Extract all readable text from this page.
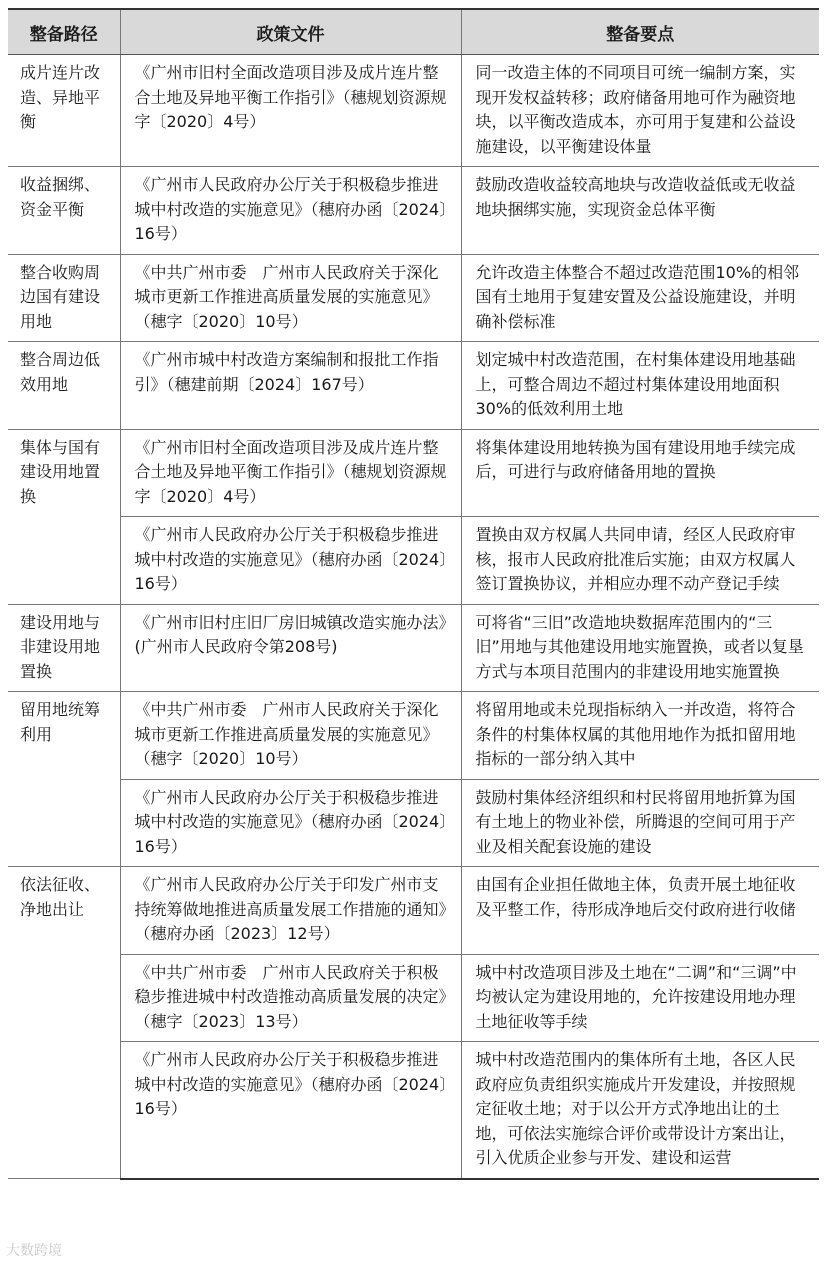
整备路径	政策文件	整备要点
成片连片改造、异地平衡	《广州市旧村全面改造项目涉及成片连片整合土地及异地平衡工作指引》（穗规划资源规字〔2020〕4号）	同一改造主体的不同项目可统一编制方案，实现开发权益转移；政府储备用地可作为融资地块，以平衡改造成本，亦可用于复建和公益设施建设，以平衡建设体量
收益捆绑、资金平衡	《广州市人民政府办公厅关于积极稳步推进城中村改造的实施意见》（穗府办函〔2024〕16号）	鼓励改造收益较高地块与改造收益低或无收益地块捆绑实施，实现资金总体平衡
整合收购周边国有建设用地	《中共广州市委　广州市人民政府关于深化城市更新工作推进高质量发展的实施意见》（穗字〔2020〕10号）	允许改造主体整合不超过改造范围10%的相邻国有土地用于复建安置及公益设施建设，并明确补偿标准
整合周边低效用地	《广州市城中村改造方案编制和报批工作指引》（穗建前期〔2024〕167号）	划定城中村改造范围，在村集体建设用地基础上，可整合周边不超过村集体建设用地面积30%的低效利用土地
集体与国有建设用地置换	《广州市旧村全面改造项目涉及成片连片整合土地及异地平衡工作指引》（穗规划资源规字〔2020〕4号）	将集体建设用地转换为国有建设用地手续完成后，可进行与政府储备用地的置换
	《广州市人民政府办公厅关于积极稳步推进城中村改造的实施意见》（穗府办函〔2024〕16号）	置换由双方权属人共同申请，经区人民政府审核，报市人民政府批准后实施；由双方权属人签订置换协议，并相应办理不动产登记手续
建设用地与非建设用地置换	《广州市旧村庄旧厂房旧城镇改造实施办法》(广州市人民政府令第208号)	可将省“三旧”改造地块数据库范围内的“三旧”用地与其他建设用地实施置换，或者以复垦方式与本项目范围内的非建设用地实施置换
留用地统筹利用	《中共广州市委　广州市人民政府关于深化城市更新工作推进高质量发展的实施意见》（穗字〔2020〕10号）	将留用地或未兑现指标纳入一并改造，将符合条件的村集体权属的其他用地作为抵扣留用地指标的一部分纳入其中
	《广州市人民政府办公厅关于积极稳步推进城中村改造的实施意见》（穗府办函〔2024〕16号）	鼓励村集体经济组织和村民将留用地折算为国有土地上的物业补偿，所腾退的空间可用于产业及相关配套设施的建设
依法征收、净地出让	《广州市人民政府办公厅关于印发广州市支持统筹做地推进高质量发展工作措施的通知》（穗府办函〔2023〕12号）	由国有企业担任做地主体，负责开展土地征收及平整工作，待形成净地后交付政府进行收储
	《中共广州市委　广州市人民政府关于积极稳步推进城中村改造推动高质量发展的决定》（穗字〔2023〕13号）	城中村改造项目涉及土地在“二调”和“三调”中均被认定为建设用地的，允许按建设用地办理土地征收等手续
	《广州市人民政府办公厅关于积极稳步推进城中村改造的实施意见》（穗府办函〔2024〕16号）	城中村改造范围内的集体所有土地，各区人民政府应负责组织实施成片开发建设，并按照规定征收土地；对于以公开方式净地出让的土地，可依法实施综合评价或带设计方案出让，引入优质企业参与开发、建设和运营
大数跨境
